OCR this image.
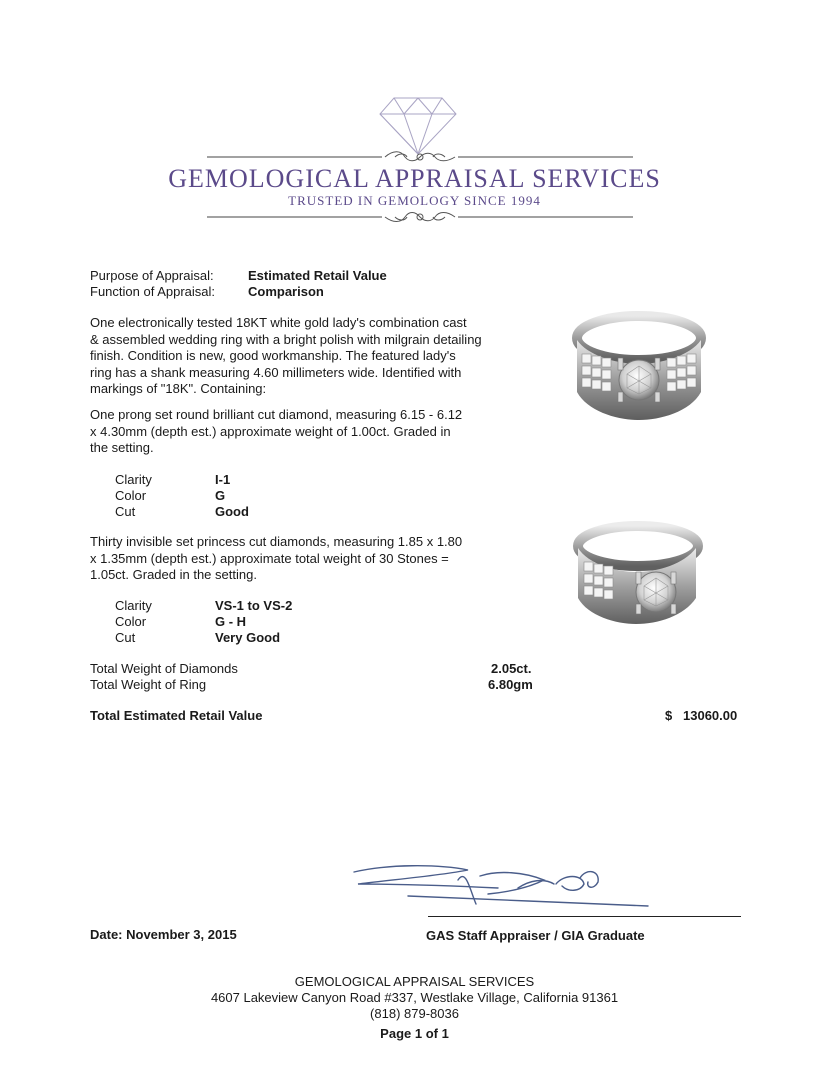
GEMOLOGICAL APPRAISAL SERVICES
TRUSTED IN GEMOLOGY SINCE 1994
Purpose of Appraisal:	Estimated Retail Value
Function of Appraisal:	Comparison
One electronically tested 18KT white gold lady's combination cast
& assembled wedding ring with a bright polish with milgrain detailing
finish. Condition is new, good workmanship. The featured lady's
ring has a shank measuring 4.60 millimeters wide. Identified with
markings of "18K". Containing:
One prong set round brilliant cut diamond, measuring 6.15 - 6.12
x 4.30mm (depth est.) approximate weight of 1.00ct. Graded in
the setting.
Clarity	I-1
Color	G
Cut	Good
Thirty invisible set princess cut diamonds, measuring 1.85 x 1.80
x 1.35mm (depth est.) approximate total weight of 30 Stones =
1.05ct. Graded in the setting.
Clarity	VS-1 to VS-2
Color	G - H
Cut	Very Good
Total Weight of Diamonds	2.05ct.
Total Weight of Ring	6.80gm
Total Estimated Retail Value	$ 13060.00
Date: November 3, 2015	GAS Staff Appraiser / GIA Graduate
GEMOLOGICAL APPRAISAL SERVICES
4607 Lakeview Canyon Road #337, Westlake Village, California 91361
(818) 879-8036
Page 1 of 1
